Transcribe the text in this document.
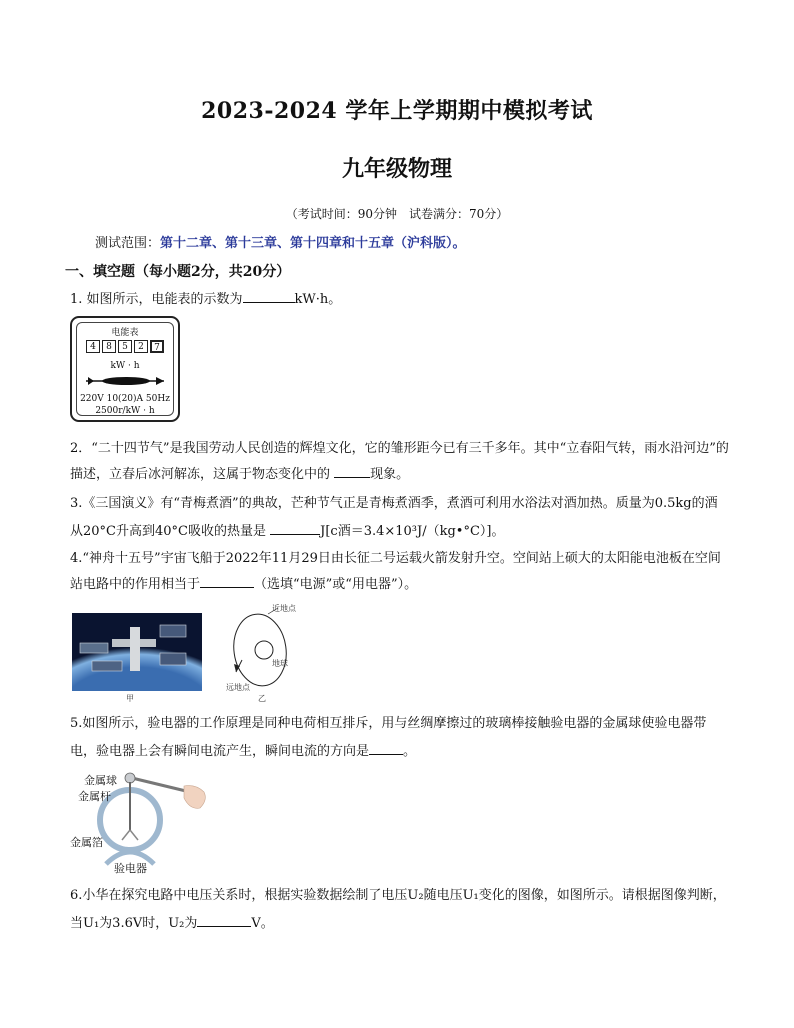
2023-2024 学年上学期期中模拟考试
九年级物理
（考试时间：90分钟　试卷满分：70分）
测试范围：第十二章、第十三章、第十四章和十五章（沪科版）。
一、填空题（每小题2分，共20分）
1. 如图所示，电能表的示数为	kW·h。
电能表
4	8	5	2	7
kW · h
220V 10(20)A 50Hz
2500r/kW · h
2．“二十四节气”是我国劳动人民创造的辉煌文化，它的雏形距今已有三千多年。其中“立春阳气转，雨水沿河边”的描述，立春后冰河解冻，这属于物态变化中的	现象。
3.《三国演义》有“青梅煮酒”的典故，芒种节气正是青梅煮酒季，煮酒可利用水浴法对酒加热。质量为0.5kg的酒从20°C升高到40°C吸收的热量是	J[c酒＝3.4×10³J/（kg•°C）]。
4.“神舟十五号”宇宙飞船于2022年11月29日由长征二号运载火箭发射升空。空间站上硕大的太阳能电池板在空间站电路中的作用相当于	（选填“电源”或“用电器”）。
甲
近地点
地球
远地点
乙
5.如图所示，验电器的工作原理是同种电荷相互排斥，用与丝绸摩擦过的玻璃棒接触验电器的金属球使验电器带电，验电器上会有瞬间电流产生，瞬间电流的方向是	。
金属球
金属杆
金属箔
验电器
6.小华在探究电路中电压关系时，根据实验数据绘制了电压U₂随电压U₁变化的图像，如图所示。请根据图像判断，当U₁为3.6V时，U₂为	V。
